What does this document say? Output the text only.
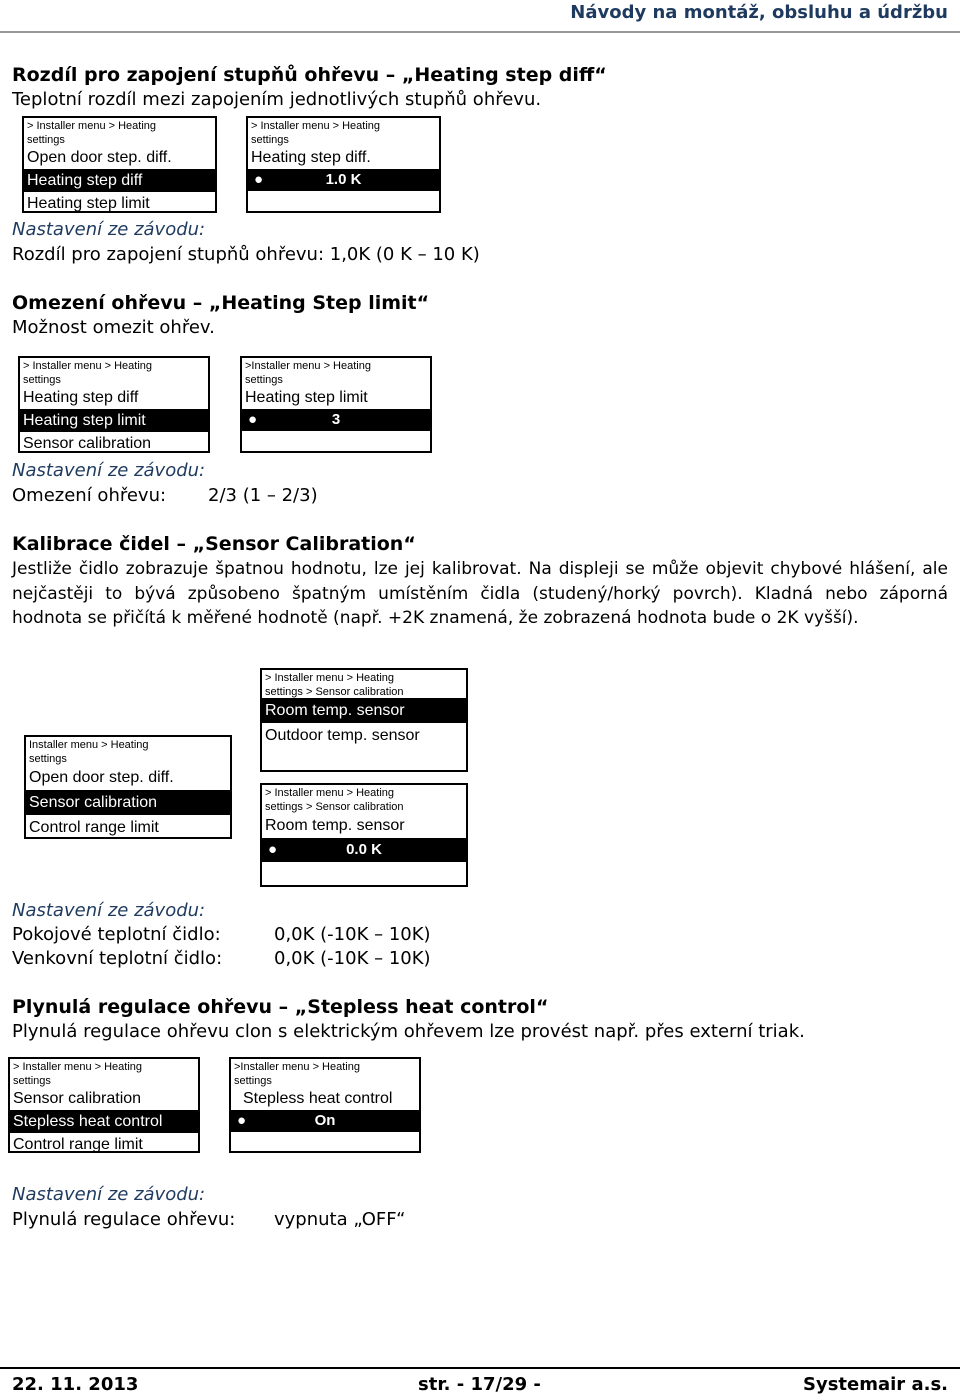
Návody na montáž, obsluhu a údržbu
Rozdíl pro zapojení stupňů ohřevu – „Heating step diff“
Teplotní rozdíl mezi zapojením jednotlivých stupňů ohřevu.
> Installer menu > Heating
settings
Open door step. diff.
Heating step diff
Heating step limit
> Installer menu > Heating
settings
Heating step diff.
●	1.0 K
Nastavení ze závodu:
Rozdíl pro zapojení stupňů ohřevu: 1,0K (0 K – 10 K)
Omezení ohřevu – „Heating Step limit“
Možnost omezit ohřev.
> Installer menu > Heating
settings
Heating step diff
Heating step limit
Sensor calibration
>Installer menu > Heating
settings
Heating step limit
●	3
Nastavení ze závodu:
Omezení ohřevu: 2/3 (1 – 2/3)
Kalibrace čidel – „Sensor Calibration“
Jestliže čidlo zobrazuje špatnou hodnotu, lze jej kalibrovat. Na displeji se může objevit chybové hlášení, ale nejčastěji to bývá způsobeno špatným umístěním čidla (studený/horký povrch). Kladná nebo záporná hodnota se přičítá k měřené hodnotě (např. +2K znamená, že zobrazená hodnota bude o 2K vyšší).
Installer menu > Heating
settings
Open door step. diff.
Sensor calibration
Control range limit
> Installer menu > Heating
settings > Sensor calibration
Room temp. sensor
Outdoor temp. sensor
> Installer menu > Heating
settings > Sensor calibration
Room temp. sensor
●	0.0 K
Nastavení ze závodu:
Pokojové teplotní čidlo:	0,0K (-10K – 10K)
Venkovní teplotní čidlo:	0,0K (-10K – 10K)
Plynulá regulace ohřevu – „Stepless heat control“
Plynulá regulace ohřevu clon s elektrickým ohřevem lze provést např. přes externí triak.
> Installer menu > Heating
settings
Sensor calibration
Stepless heat control
Control range limit
>Installer menu > Heating
settings
Stepless heat control
●	On
Nastavení ze závodu:
Plynulá regulace ohřevu: vypnuta „OFF“
22. 11. 2013	str. - 17/29 -	Systemair a.s.
